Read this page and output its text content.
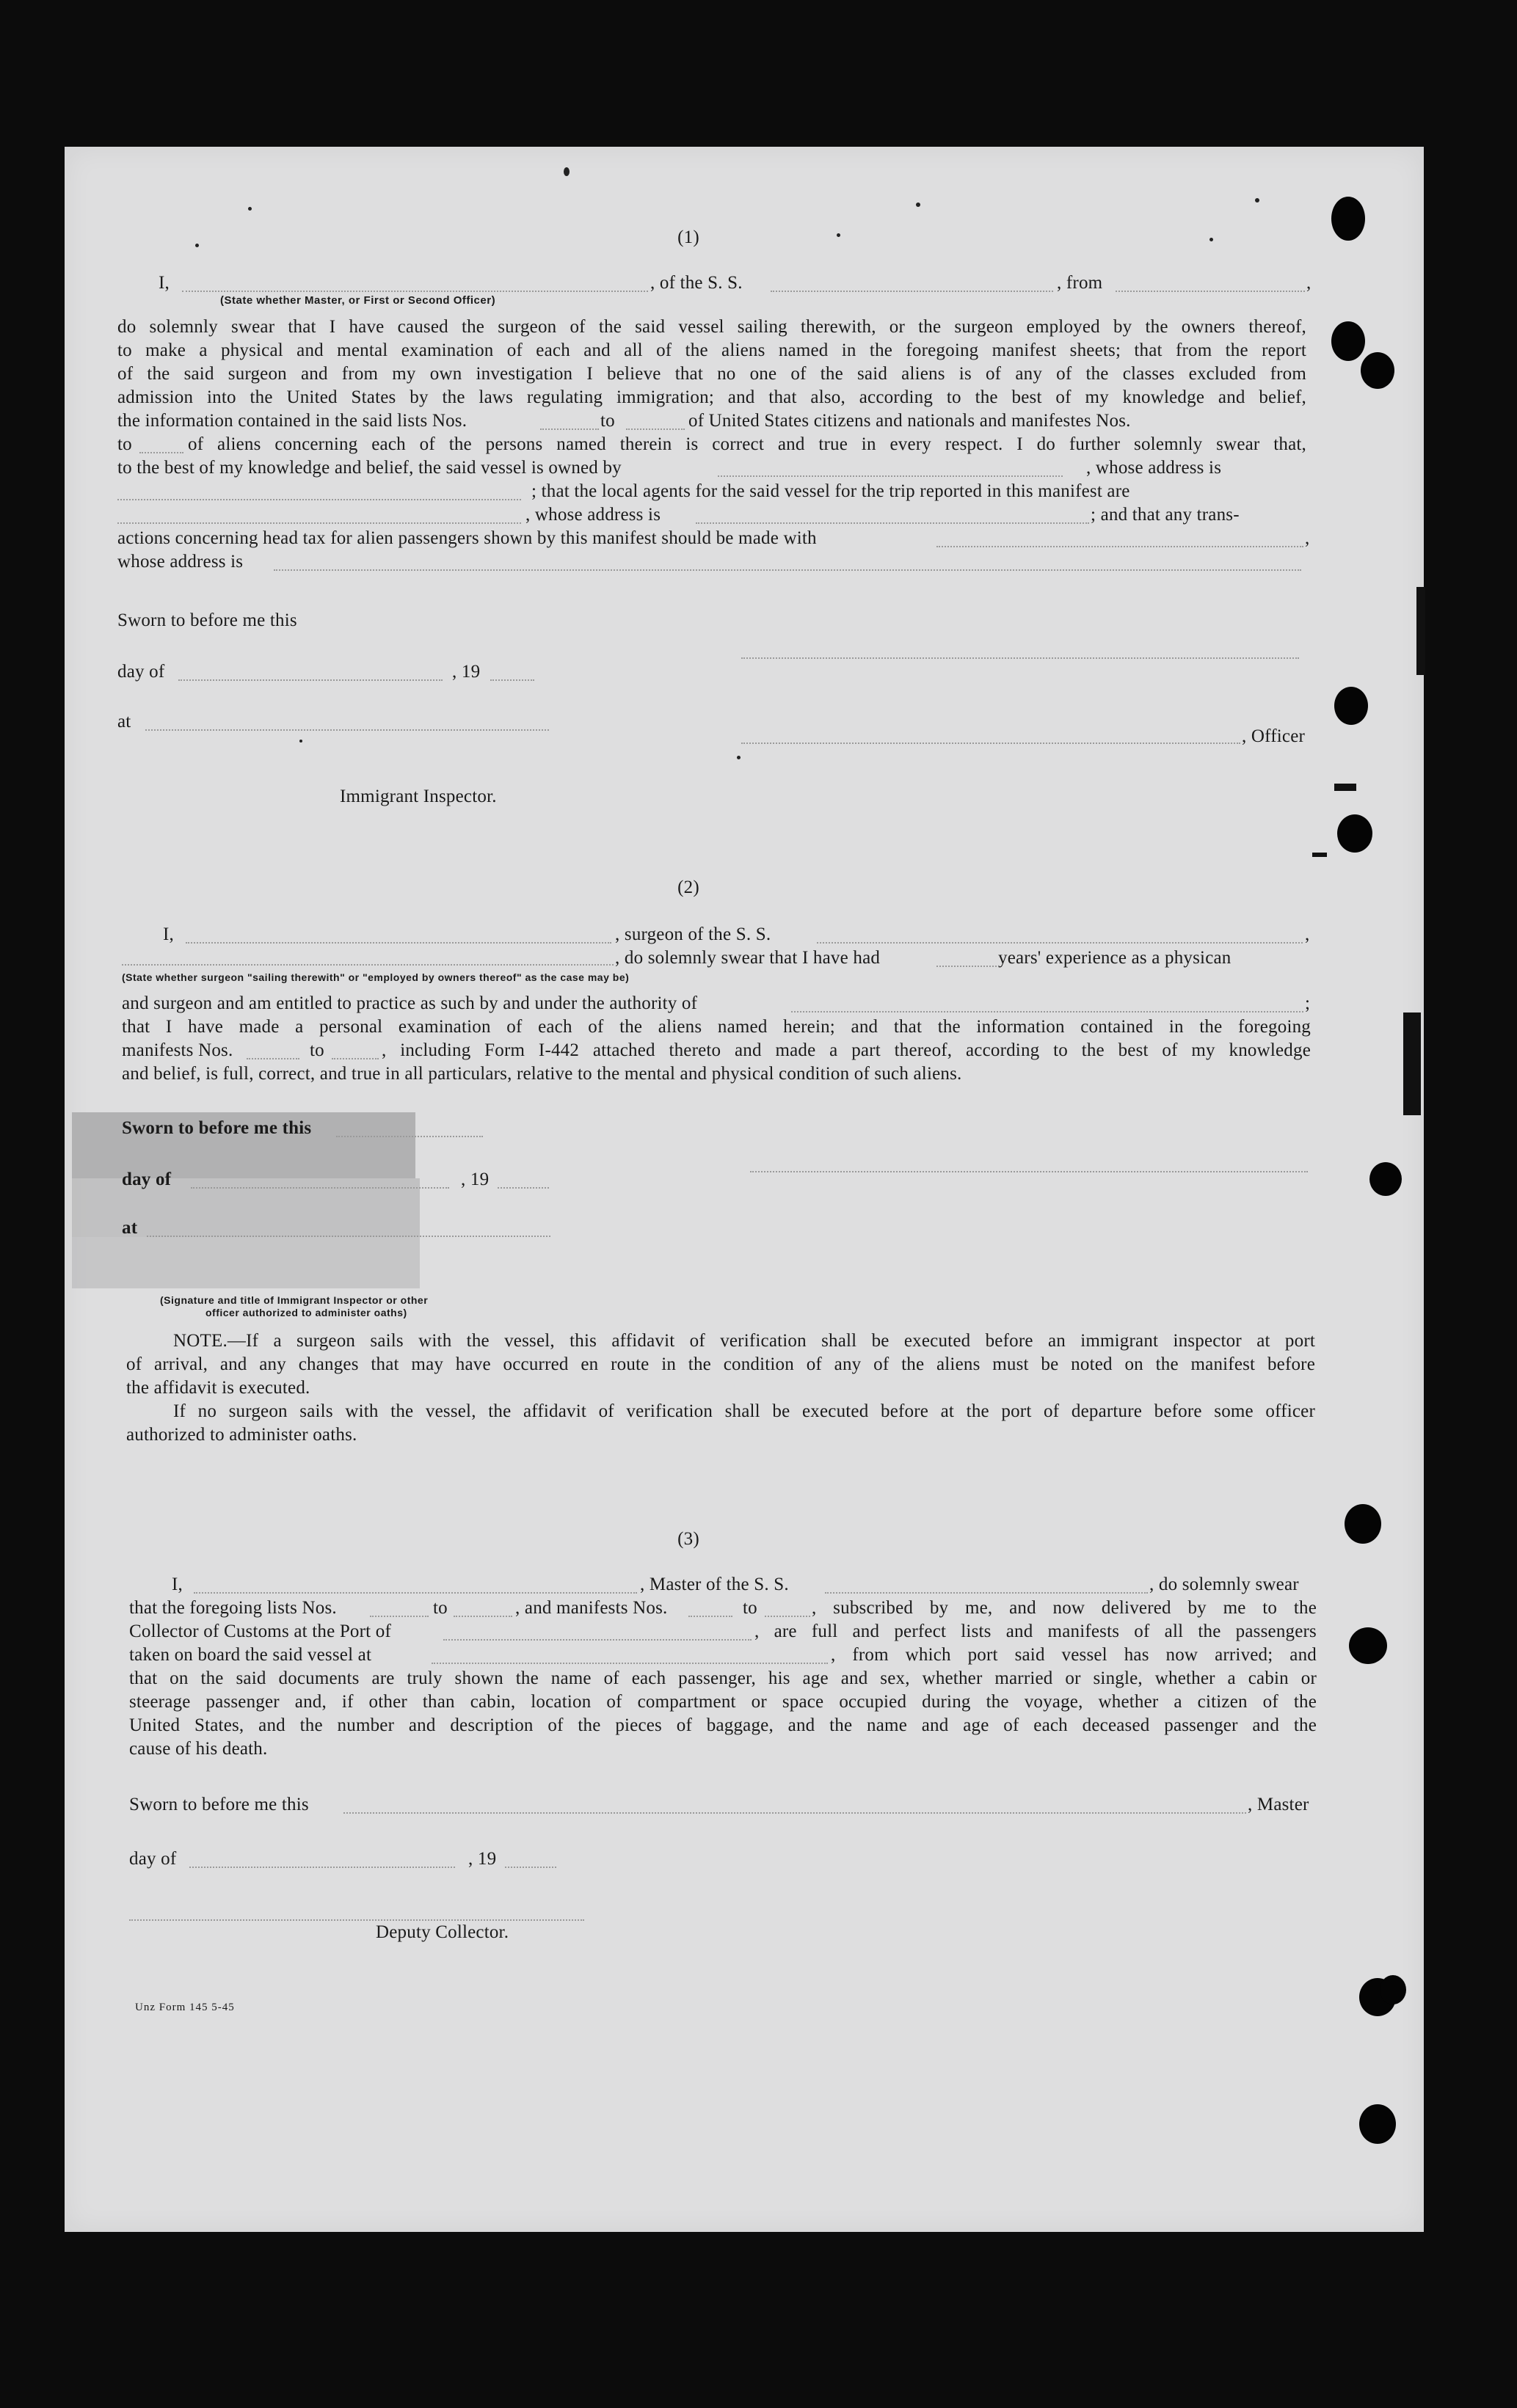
(1)
I,	, of the S. S.	, from	,
(State whether Master, or First or Second Officer)
do solemnly swear that I have caused the surgeon of the said vessel sailing therewith, or the surgeon employed by the owners thereof,
to make a physical and mental examination of each and all of the aliens named in the foregoing manifest sheets; that from the report
of the said surgeon and from my own investigation I believe that no one of the said aliens is of any of the classes excluded from
admission into the United States by the laws regulating immigration; and that also, according to the best of my knowledge and belief,
the information contained in the said lists Nos.	to	of United States citizens and nationals and manifestes Nos.
to	of aliens concerning each of the persons named therein is correct and true in every respect. I do further solemnly swear that,
to the best of my knowledge and belief, the said vessel is owned by	, whose address is
; that the local agents for the said vessel for the trip reported in this manifest are
, whose address is	; and that any trans-
actions concerning head tax for alien passengers shown by this manifest should be made with	,
whose address is
Sworn to before me this
day of	, 19
at
, Officer
Immigrant Inspector.
(2)
I,	, surgeon of the S. S.	,
, do solemnly swear that I have had	years' experience as a physican
(State whether surgeon "sailing therewith" or "employed by owners thereof" as the case may be)
and surgeon and am entitled to practice as such by and under the authority of	;
that I have made a personal examination of each of the aliens named herein; and that the information contained in the foregoing
manifests Nos.	to	, including Form I-442 attached thereto and made a part thereof, according to the best of my knowledge
and belief, is full, correct, and true in all particulars, relative to the mental and physical condition of such aliens.
Sworn to before me this
day of	, 19
at
(Signature and title of Immigrant Inspector or other
officer authorized to administer oaths)
NOTE.—If a surgeon sails with the vessel, this affidavit of verification shall be executed before an immigrant inspector at port
of arrival, and any changes that may have occurred en route in the condition of any of the aliens must be noted on the manifest before
the affidavit is executed.
If no surgeon sails with the vessel, the affidavit of verification shall be executed before at the port of departure before some officer
authorized to administer oaths.
(3)
I,	, Master of the S. S.	, do solemnly swear
that the foregoing lists Nos.	to	, and manifests Nos.	to	, subscribed by me, and now delivered by me to the
Collector of Customs at the Port of	, are full and perfect lists and manifests of all the passengers
taken on board the said vessel at	, from which port said vessel has now arrived; and
that on the said documents are truly shown the name of each passenger, his age and sex, whether married or single, whether a cabin or
steerage passenger and, if other than cabin, location of compartment or space occupied during the voyage, whether a citizen of the
United States, and the number and description of the pieces of baggage, and the name and age of each deceased passenger and the
cause of his death.
Sworn to before me this	, Master
day of	, 19
Deputy Collector.
Unz Form 145 5-45
